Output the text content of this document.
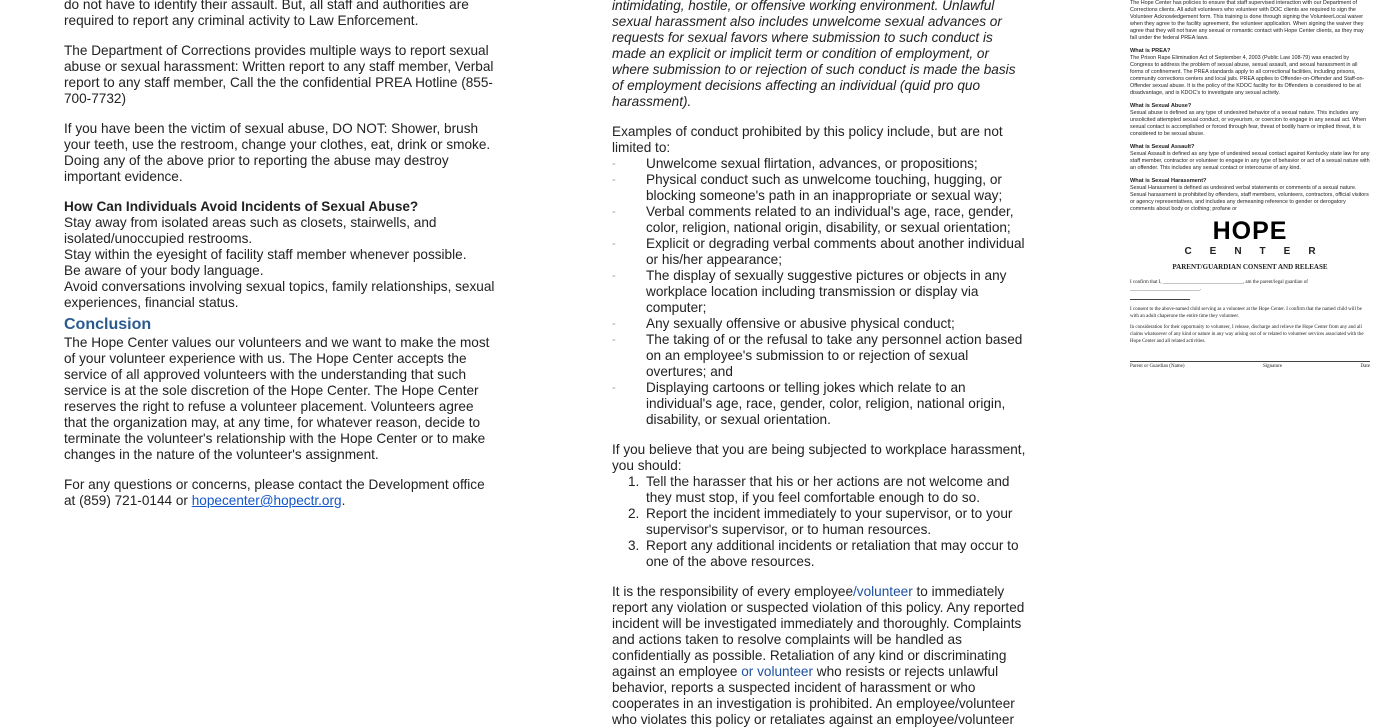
do not have to identify their assault. But, all staff and authorities are required to report any criminal activity to Law Enforcement.

The Department of Corrections provides multiple ways to report sexual abuse or sexual harassment: Written report to any staff member, Verbal report to any staff member, Call the the confidential PREA Hotline (855-700-7732)

If you have been the victim of sexual abuse, DO NOT: Shower, brush your teeth, use the restroom, change your clothes, eat, drink or smoke. Doing any of the above prior to reporting the abuse may destroy important evidence.

How Can Individuals Avoid Incidents of Sexual Abuse?

Stay away from isolated areas such as closets, stairwells, and isolated/unoccupied restrooms.

Stay within the eyesight of facility staff member whenever possible.

Be aware of your body language.

Avoid conversations involving sexual topics, family relationships, sexual experiences, financial status.

Conclusion

The Hope Center values our volunteers and we want to make the most of your volunteer experience with us. The Hope Center accepts the service of all approved volunteers with the understanding that such service is at the sole discretion of the Hope Center. The Hope Center reserves the right to refuse a volunteer placement. Volunteers agree that the organization may, at any time, for whatever reason, decide to terminate the volunteer's relationship with the Hope Center or to make changes in the nature of the volunteer's assignment.

For any questions or concerns, please contact the Development office at (859) 721-0144 or hopecenter@hopectr.org.

intimidating, hostile, or offensive working environment. Unlawful sexual harassment also includes unwelcome sexual advances or requests for sexual favors where submission to such conduct is made an explicit or implicit term or condition of employment, or where submission to or rejection of such conduct is made the basis of employment decisions affecting an individual (quid pro quo harassment).

Examples of conduct prohibited by this policy include, but are not limited to:

- Unwelcome sexual flirtation, advances, or propositions;
- Physical conduct such as unwelcome touching, hugging, or blocking someone's path in an inappropriate or sexual way;
- Verbal comments related to an individual's age, race, gender, color, religion, national origin, disability, or sexual orientation;
- Explicit or degrading verbal comments about another individual or his/her appearance;
- The display of sexually suggestive pictures or objects in any workplace location including transmission or display via computer;
- Any sexually offensive or abusive physical conduct;
- The taking of or the refusal to take any personnel action based on an employee's submission to or rejection of sexual overtures; and
- Displaying cartoons or telling jokes which relate to an individual's age, race, gender, color, religion, national origin, disability, or sexual orientation.

If you believe that you are being subjected to workplace harassment, you should:

1. Tell the harasser that his or her actions are not welcome and they must stop, if you feel comfortable enough to do so.
2. Report the incident immediately to your supervisor, or to your supervisor's supervisor, or to human resources.
3. Report any additional incidents or retaliation that may occur to one of the above resources.

It is the responsibility of every employee/volunteer to immediately report any violation or suspected violation of this policy. Any reported incident will be investigated immediately and thoroughly. Complaints and actions taken to resolve complaints will be handled as confidentially as possible. Retaliation of any kind or discriminating against an employee or volunteer who resists or rejects unlawful behavior, reports a suspected incident of harassment or who cooperates in an investigation is prohibited. An employee/volunteer who violates this policy or retaliates against an employee/volunteer

The Hope Center has policies to ensure that staff supervised interaction with our Department of Corrections clients. All adult volunteers who volunteer with DOC clients are required to sign the Volunteer Acknowledgement form. This training is done through signing the VolunteerLocal waiver when they agree to the facility agreement, the volunteer application. When signing the waiver they agree that they will not have any sexual or romantic contact with Hope Center clients, as they may fall under the federal PREA laws.

What is PREA?

The Prison Rape Elimination Act of September 4, 2003 (Public Law 108-79) was enacted by Congress to address the problem of sexual abuse, sexual assault, and sexual harassment in all forms of confinement. The PREA standards apply to all correctional facilities, including prisons, community corrections centers and local jails. PREA applies to Offender-on-Offender and Staff-on-Offender sexual abuse. It is the policy of the KDOC facility for its Offenders is considered to be at disadvantage, and is KDOC's to investigate any sexual activity.

What is Sexual Abuse?

Sexual abuse is defined as any type of undesired behavior of a sexual nature. This includes any unsolicited attempted sexual conduct, or voyeurism, or coercion to engage in any sexual act. When sexual contact is accomplished or forced through fear, threat of bodily harm or implied threat, it is considered to be sexual abuse.

What is Sexual Assault?

Sexual Assault is defined as any type of undesired sexual contact against Kentucky state law for any staff member, contractor or volunteer to engage in any type of behavior or act of a sexual nature with an offender. This includes any sexual contact or intercourse of any kind.

What is Sexual Harassment?

Sexual Harassment is defined as undesired verbal statements or comments of a sexual nature. Sexual harassment is prohibited by offenders, staff members, volunteers, contractors, official visitors or agency representatives, and includes any demeaning reference to gender or derogatory comments about body or clothing; profane or

HOPE
CENTER

PARENT/GUARDIAN CONSENT AND RELEASE

I confirm that I, ________________________________, am the parent/legal guardian of ____________________________.

I consent to the above-named child serving as a volunteer at the Hope Center. I confirm that the named child will be with an adult chaperone the entire time they volunteer.

In consideration for their opportunity to volunteer, I release, discharge and relieve the Hope Center from any and all claims whatsoever of any kind or nature in any way arising out of or related to volunteer services associated with the Hope Center and all related activities.

Parent or Guardian (Name)	Signature	Date
